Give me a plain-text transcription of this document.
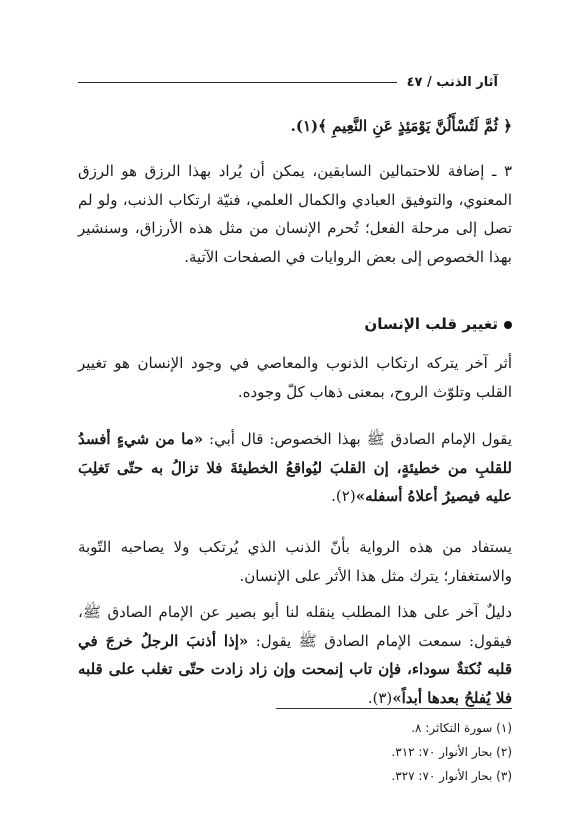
آثار الذنب / ٤٧

﴿ ثُمَّ لَتُسْأَلُنَّ يَوْمَئِذٍ عَنِ النَّعِيمِ ﴾(١).

٣ ـ إضافة للاحتمالين السابقين، يمكن أن يُراد بهذا الرزق هو الرزق المعنوي، والتوفيق العبادي والكمال العلمي، فنيّة ارتكاب الذنب، ولو لم تصل إلى مرحلة الفعل؛ تُحرم الإنسان من مثل هذه الأرزاق، وسنشير بهذا الخصوص إلى بعض الروايات في الصفحات الآتية.

تغيير قلب الإنسان

أثر آخر يتركه ارتكاب الذنوب والمعاصي في وجود الإنسان هو تغيير القلب وتلوّث الروح، بمعنى ذهاب كلّ وجوده.

يقول الإمام الصادق ﷺ بهذا الخصوص: قال أبي: «ما من شيءٍ أفسدُ للقلبِ من خطيئةٍ، إن القلبَ ليُواقعُ الخطيئةَ فلا تزالُ به حتّى تَغلِبَ عليه فيصيرُ أعلاهُ أسفله»(٢).

يستفاد من هذه الرواية بأنّ الذنب الذي يُرتكب ولا يصاحبه التّوبة والاستغفار؛ يترك مثل هذا الأثر على الإنسان.

دليلٌ آخر على هذا المطلب ينقله لنا أبو بصير عن الإمام الصادق ﷺ، فيقول: سمعت الإمام الصادق ﷺ يقول: «إذا أذنبَ الرجلُ خرجَ في قلبه نُكتةٌ سوداء، فإن تاب إنمحت وإن زاد زادت حتّى تغلب على قلبه فلا يُفلحُ بعدها أبداً»(٣).

(١) سورة التكاثر: ٨.
(٢) بحار الأنوار ٧٠: ٣١٢.
(٣) بحار الأنوار ٧٠: ٣٢٧.
